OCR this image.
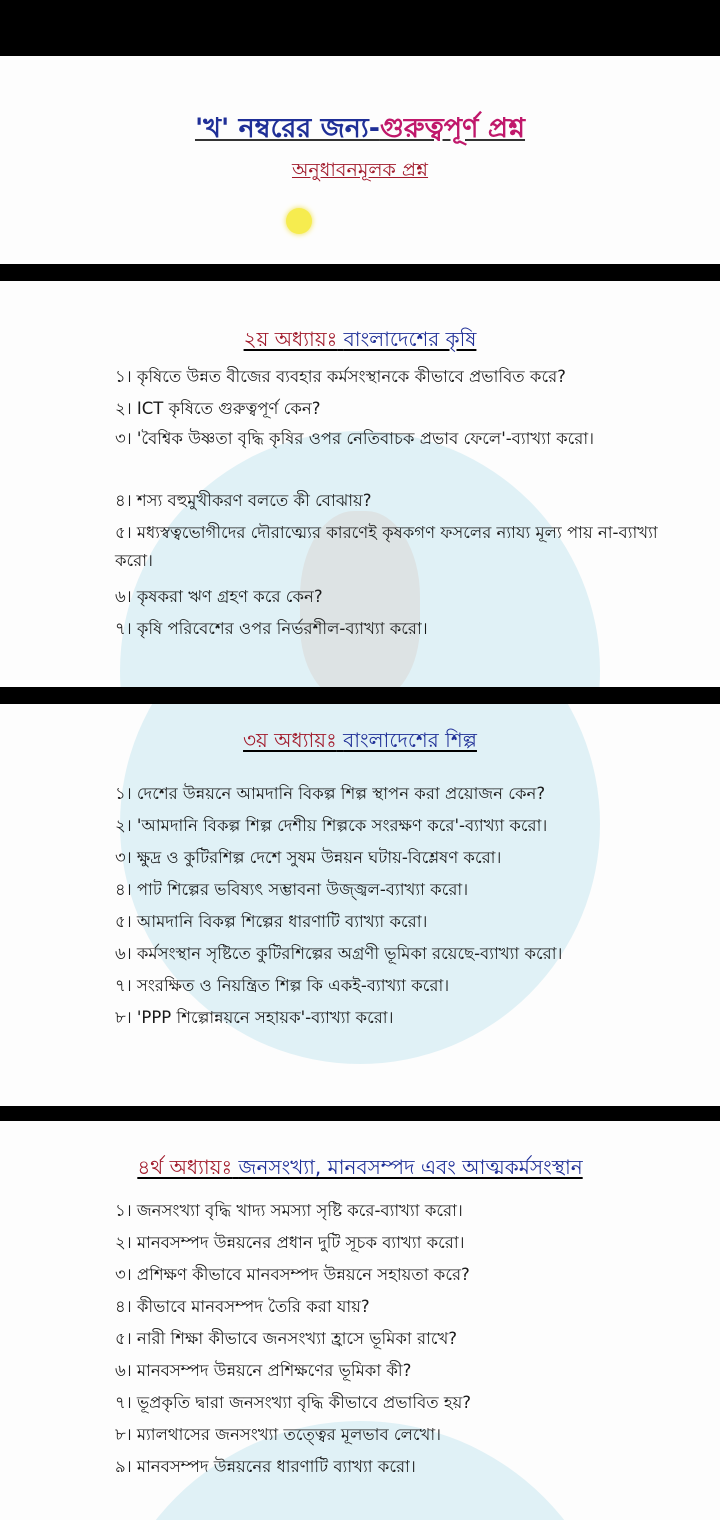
'খ' নম্বরের জন্য-গুরুত্বপূর্ণ প্রশ্ন
অনুধাবনমূলক প্রশ্ন
২য় অধ্যায়ঃ বাংলাদেশের কৃষি
১। কৃষিতে উন্নত বীজের ব্যবহার কর্মসংস্থানকে কীভাবে প্রভাবিত করে?
২। ICT কৃষিতে গুরুত্বপূর্ণ কেন?
৩। 'বৈশ্বিক উষ্ণতা বৃদ্ধি কৃষির ওপর নেতিবাচক প্রভাব ফেলে'-ব্যাখ্যা করো।
৪। শস্য বহুমুখীকরণ বলতে কী বোঝায়?
৫। মধ্যস্বত্বভোগীদের দৌরাত্ম্যের কারণেই কৃষকগণ ফসলের ন্যায্য মূল্য পায় না-ব্যাখ্যা করো।
৬। কৃষকরা ঋণ গ্রহণ করে কেন?
৭। কৃষি পরিবেশের ওপর নির্ভরশীল-ব্যাখ্যা করো।
৩য় অধ্যায়ঃ বাংলাদেশের শিল্প
১। দেশের উন্নয়নে আমদানি বিকল্প শিল্প স্থাপন করা প্রয়োজন কেন?
২। 'আমদানি বিকল্প শিল্প দেশীয় শিল্পকে সংরক্ষণ করে'-ব্যাখ্যা করো।
৩। ক্ষুদ্র ও কুটিরশিল্প দেশে সুষম উন্নয়ন ঘটায়-বিশ্লেষণ করো।
৪। পাট শিল্পের ভবিষ্যৎ সম্ভাবনা উজ্জ্বল-ব্যাখ্যা করো।
৫। আমদানি বিকল্প শিল্পের ধারণাটি ব্যাখ্যা করো।
৬। কর্মসংস্থান সৃষ্টিতে কুটিরশিল্পের অগ্রণী ভূমিকা রয়েছে-ব্যাখ্যা করো।
৭। সংরক্ষিত ও নিয়ন্ত্রিত শিল্প কি একই-ব্যাখ্যা করো।
৮। 'PPP শিল্পোন্নয়নে সহায়ক'-ব্যাখ্যা করো।
৪র্থ অধ্যায়ঃ জনসংখ্যা, মানবসম্পদ এবং আত্মকর্মসংস্থান
১। জনসংখ্যা বৃদ্ধি খাদ্য সমস্যা সৃষ্টি করে-ব্যাখ্যা করো।
২। মানবসম্পদ উন্নয়নের প্রধান দুটি সূচক ব্যাখ্যা করো।
৩। প্রশিক্ষণ কীভাবে মানবসম্পদ উন্নয়নে সহায়তা করে?
৪। কীভাবে মানবসম্পদ তৈরি করা যায়?
৫। নারী শিক্ষা কীভাবে জনসংখ্যা হ্রাসে ভূমিকা রাখে?
৬। মানবসম্পদ উন্নয়নে প্রশিক্ষণের ভূমিকা কী?
৭। ভূপ্রকৃতি দ্বারা জনসংখ্যা বৃদ্ধি কীভাবে প্রভাবিত হয়?
৮। ম্যালথাসের জনসংখ্যা তত্ত্বের মূলভাব লেখো।
৯। মানবসম্পদ উন্নয়নের ধারণাটি ব্যাখ্যা করো।
